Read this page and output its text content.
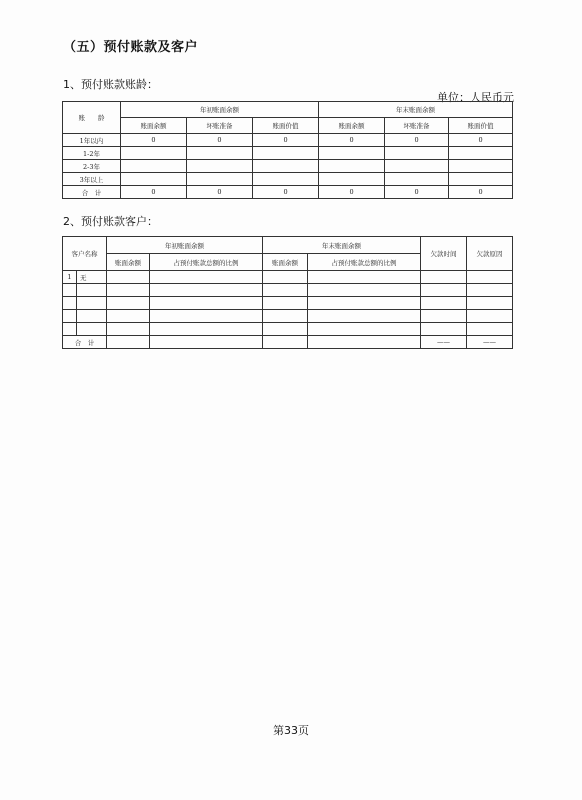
（五）预付账款及客户
1、预付账款账龄：
单位：人民币元
账　　龄	年初账面余额			年末账面余额		
	账面余额	坏账准备	账面价值	账面余额	坏账准备	账面价值
1年以内	0	0	0	0	0	0
1-2年						
2-3年						
3年以上						
合　计	0	0	0	0	0	0
2、预付账款客户：
客户名称		年初账面余额		年末账面余额		欠款时间	欠款原因
		账面余额	占预付账款总额的比例	账面余额	占预付账款总额的比例		
1	无						

合　计						——	——
第33页
